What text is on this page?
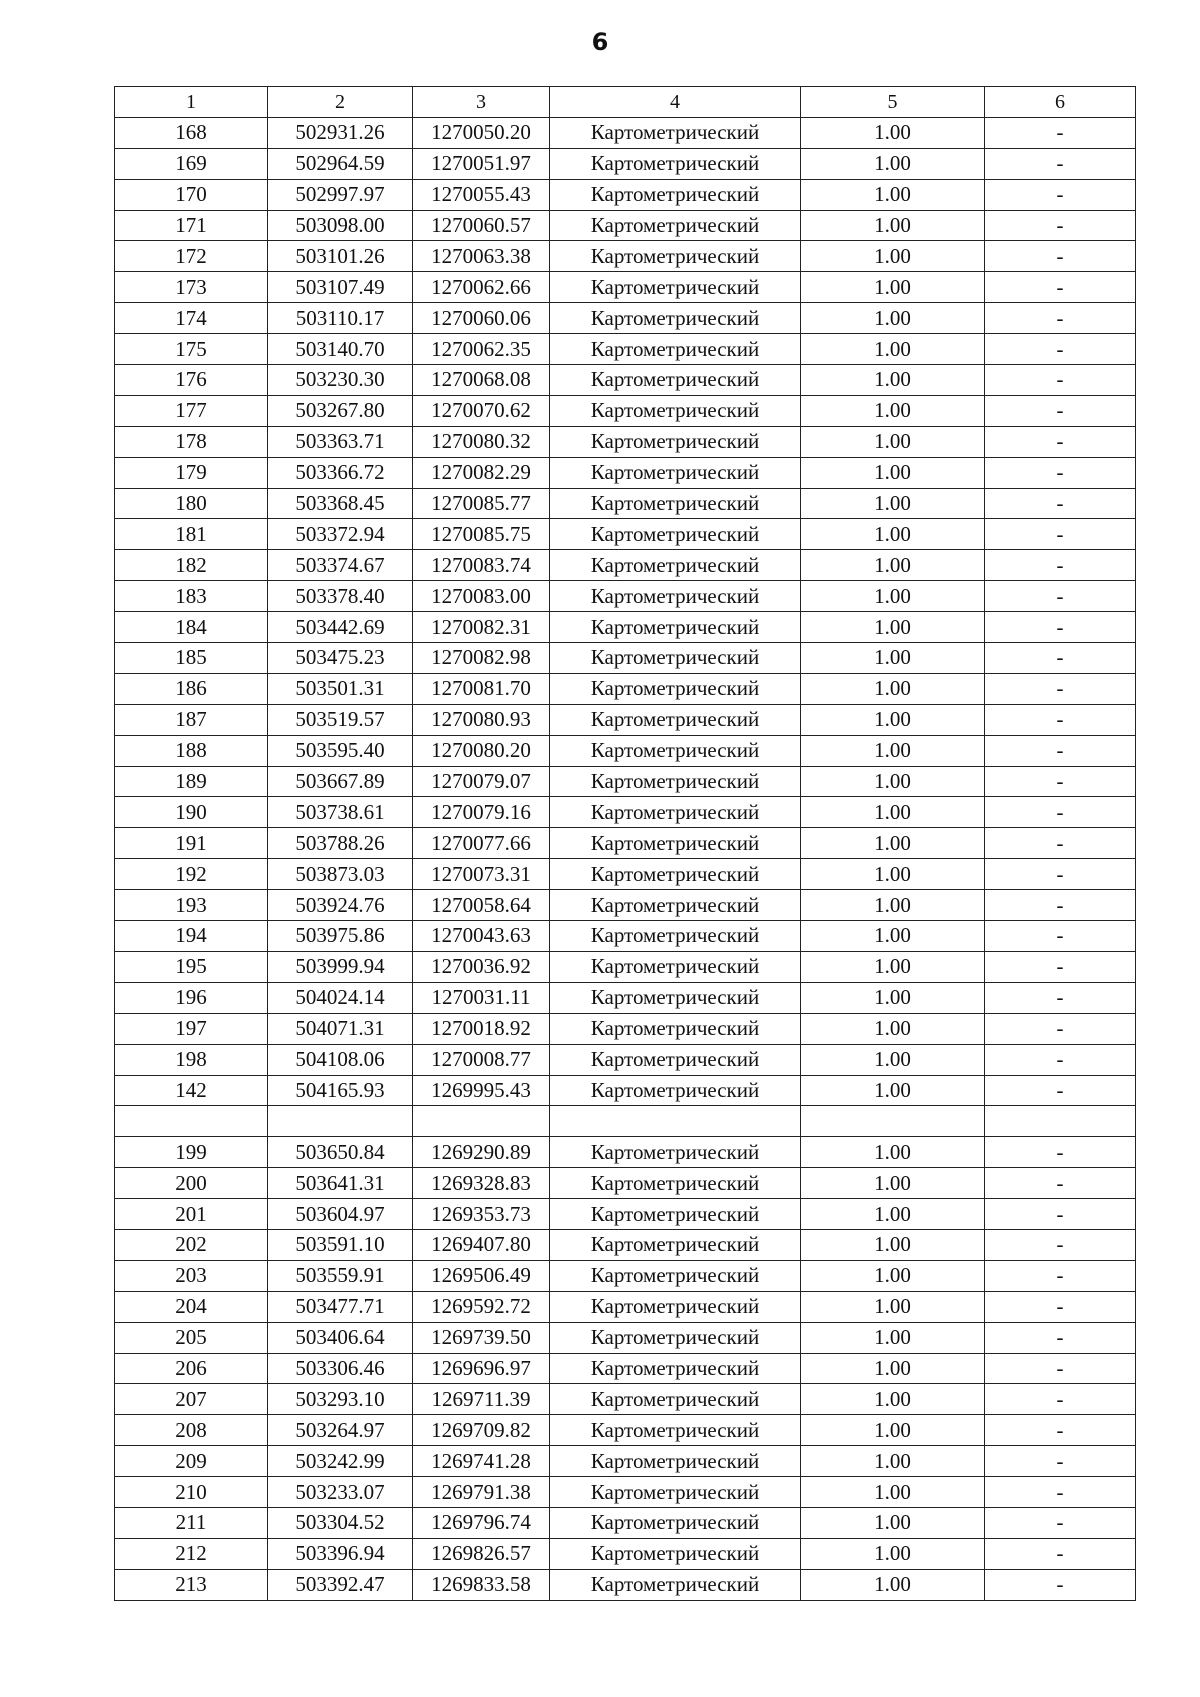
6
1	2	3	4	5	6
168	502931.26	1270050.20	Картометрический	1.00	-
169	502964.59	1270051.97	Картометрический	1.00	-
170	502997.97	1270055.43	Картометрический	1.00	-
171	503098.00	1270060.57	Картометрический	1.00	-
172	503101.26	1270063.38	Картометрический	1.00	-
173	503107.49	1270062.66	Картометрический	1.00	-
174	503110.17	1270060.06	Картометрический	1.00	-
175	503140.70	1270062.35	Картометрический	1.00	-
176	503230.30	1270068.08	Картометрический	1.00	-
177	503267.80	1270070.62	Картометрический	1.00	-
178	503363.71	1270080.32	Картометрический	1.00	-
179	503366.72	1270082.29	Картометрический	1.00	-
180	503368.45	1270085.77	Картометрический	1.00	-
181	503372.94	1270085.75	Картометрический	1.00	-
182	503374.67	1270083.74	Картометрический	1.00	-
183	503378.40	1270083.00	Картометрический	1.00	-
184	503442.69	1270082.31	Картометрический	1.00	-
185	503475.23	1270082.98	Картометрический	1.00	-
186	503501.31	1270081.70	Картометрический	1.00	-
187	503519.57	1270080.93	Картометрический	1.00	-
188	503595.40	1270080.20	Картометрический	1.00	-
189	503667.89	1270079.07	Картометрический	1.00	-
190	503738.61	1270079.16	Картометрический	1.00	-
191	503788.26	1270077.66	Картометрический	1.00	-
192	503873.03	1270073.31	Картометрический	1.00	-
193	503924.76	1270058.64	Картометрический	1.00	-
194	503975.86	1270043.63	Картометрический	1.00	-
195	503999.94	1270036.92	Картометрический	1.00	-
196	504024.14	1270031.11	Картометрический	1.00	-
197	504071.31	1270018.92	Картометрический	1.00	-
198	504108.06	1270008.77	Картометрический	1.00	-
142	504165.93	1269995.43	Картометрический	1.00	-

199	503650.84	1269290.89	Картометрический	1.00	-
200	503641.31	1269328.83	Картометрический	1.00	-
201	503604.97	1269353.73	Картометрический	1.00	-
202	503591.10	1269407.80	Картометрический	1.00	-
203	503559.91	1269506.49	Картометрический	1.00	-
204	503477.71	1269592.72	Картометрический	1.00	-
205	503406.64	1269739.50	Картометрический	1.00	-
206	503306.46	1269696.97	Картометрический	1.00	-
207	503293.10	1269711.39	Картометрический	1.00	-
208	503264.97	1269709.82	Картометрический	1.00	-
209	503242.99	1269741.28	Картометрический	1.00	-
210	503233.07	1269791.38	Картометрический	1.00	-
211	503304.52	1269796.74	Картометрический	1.00	-
212	503396.94	1269826.57	Картометрический	1.00	-
213	503392.47	1269833.58	Картометрический	1.00	-
